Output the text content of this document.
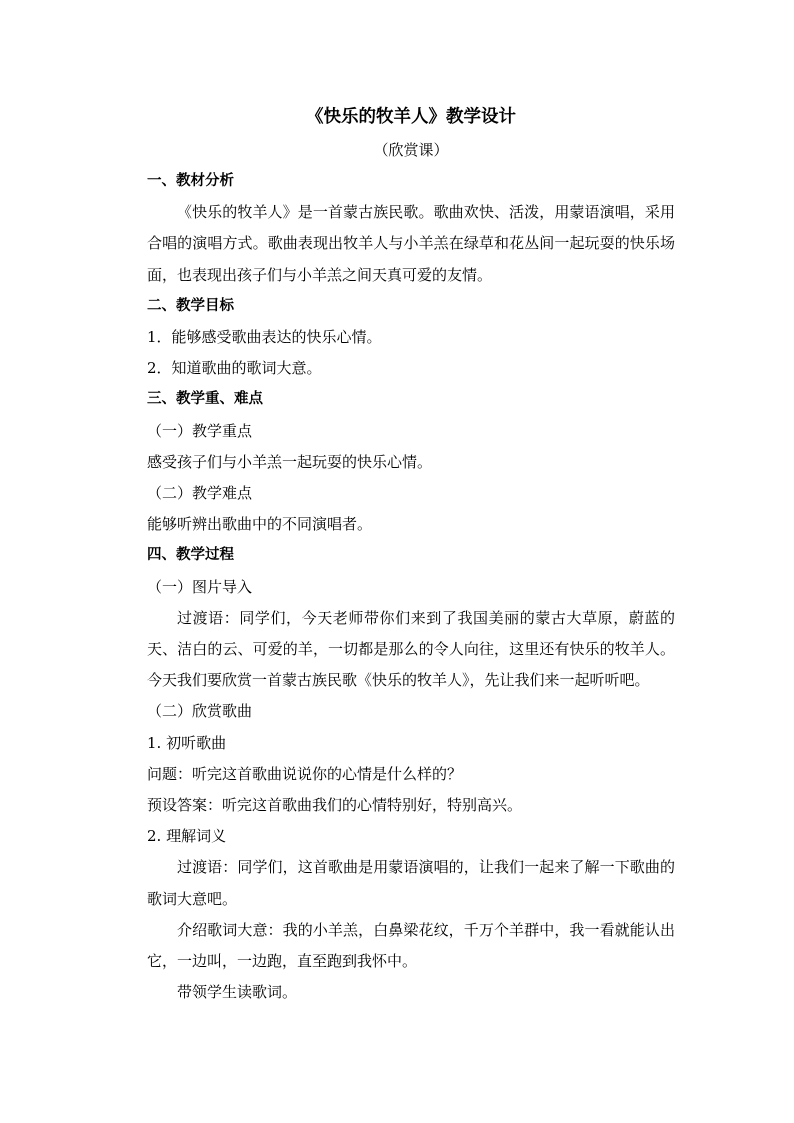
《快乐的牧羊人》教学设计

（欣赏课）

一、教材分析

《快乐的牧羊人》是一首蒙古族民歌。歌曲欢快、活泼，用蒙语演唱，采用合唱的演唱方式。歌曲表现出牧羊人与小羊羔在绿草和花丛间一起玩耍的快乐场面，也表现出孩子们与小羊羔之间天真可爱的友情。

二、教学目标

1．能够感受歌曲表达的快乐心情。

2．知道歌曲的歌词大意。

三、教学重、难点

（一）教学重点

感受孩子们与小羊羔一起玩耍的快乐心情。

（二）教学难点

能够听辨出歌曲中的不同演唱者。

四、教学过程

（一）图片导入

过渡语：同学们，今天老师带你们来到了我国美丽的蒙古大草原，蔚蓝的天、洁白的云、可爱的羊，一切都是那么的令人向往，这里还有快乐的牧羊人。今天我们要欣赏一首蒙古族民歌《快乐的牧羊人》，先让我们来一起听听吧。

（二）欣赏歌曲

1. 初听歌曲

问题：听完这首歌曲说说你的心情是什么样的？

预设答案：听完这首歌曲我们的心情特别好，特别高兴。

2. 理解词义

过渡语：同学们，这首歌曲是用蒙语演唱的，让我们一起来了解一下歌曲的歌词大意吧。

介绍歌词大意：我的小羊羔，白鼻梁花纹，千万个羊群中，我一看就能认出它，一边叫，一边跑，直至跑到我怀中。

带领学生读歌词。
